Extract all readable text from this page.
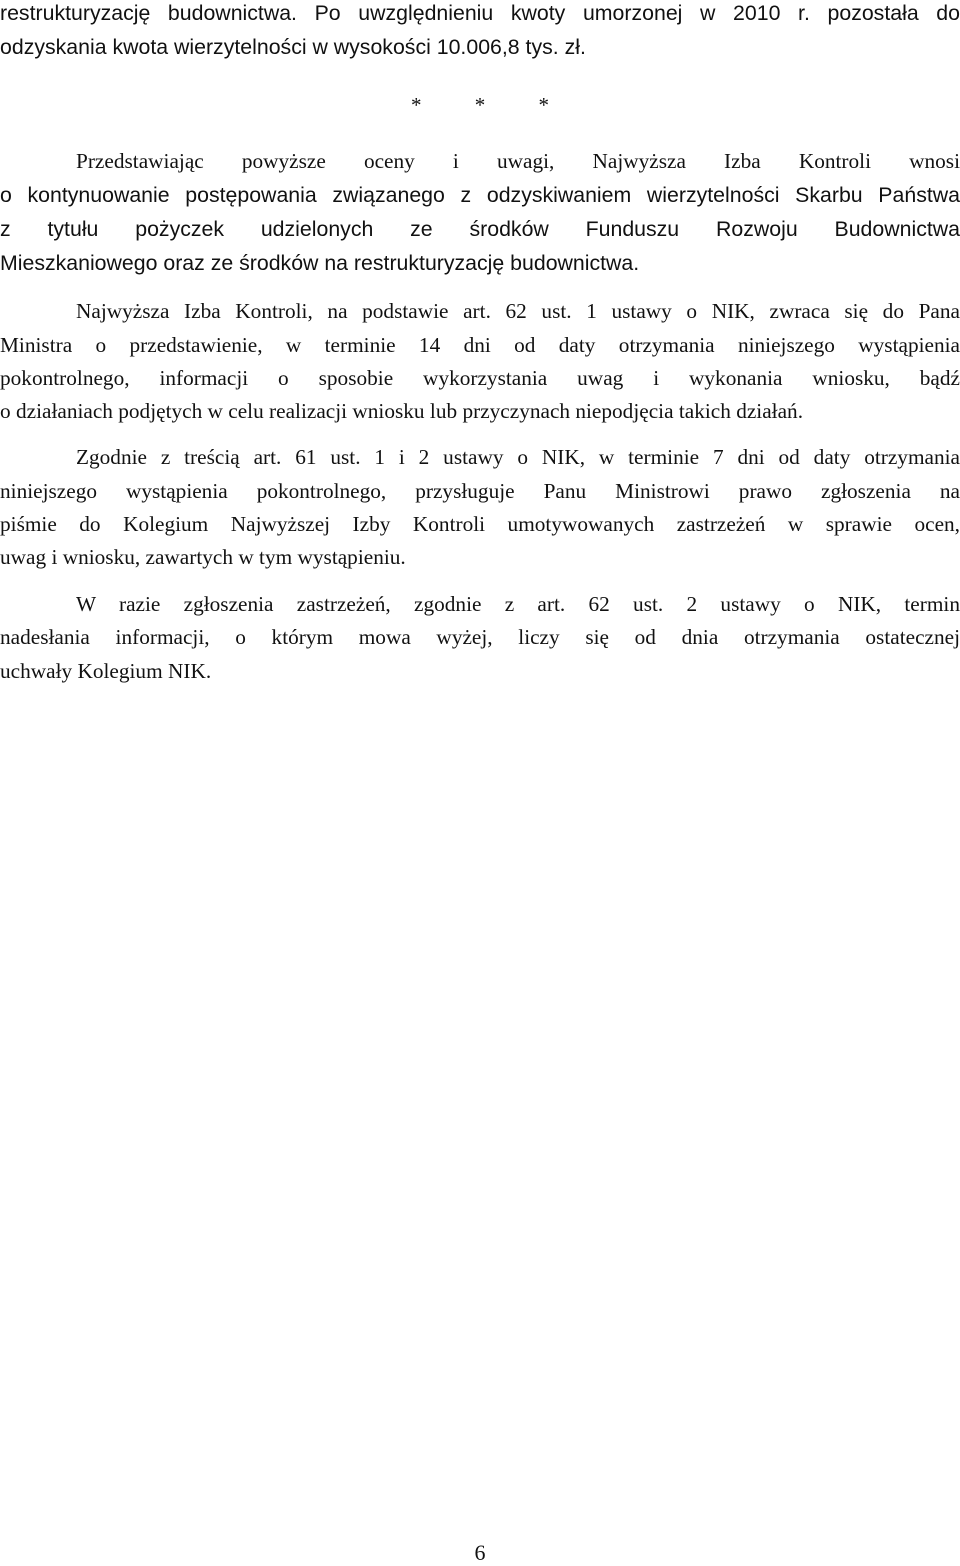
restrukturyzację budownictwa. Po uwzględnieniu kwoty umorzonej w 2010 r. pozostała do
odzyskania kwota wierzytelności w wysokości 10.006,8 tys. zł.
* * *
Przedstawiając powyższe oceny i uwagi, Najwyższa Izba Kontroli wnosi
o kontynuowanie postępowania związanego z odzyskiwaniem wierzytelności Skarbu Państwa
z tytułu pożyczek udzielonych ze środków Funduszu Rozwoju Budownictwa
Mieszkaniowego oraz ze środków na restrukturyzację budownictwa.
Najwyższa Izba Kontroli, na podstawie art. 62 ust. 1 ustawy o NIK, zwraca się do Pana
Ministra o przedstawienie, w terminie 14 dni od daty otrzymania niniejszego wystąpienia
pokontrolnego, informacji o sposobie wykorzystania uwag i wykonania wniosku, bądź
o działaniach podjętych w celu realizacji wniosku lub przyczynach niepodjęcia takich działań.
Zgodnie z treścią art. 61 ust. 1 i 2 ustawy o NIK, w terminie 7 dni od daty otrzymania
niniejszego wystąpienia pokontrolnego, przysługuje Panu Ministrowi prawo zgłoszenia na
piśmie do Kolegium Najwyższej Izby Kontroli umotywowanych zastrzeżeń w sprawie ocen,
uwag i wniosku, zawartych w tym wystąpieniu.
W razie zgłoszenia zastrzeżeń, zgodnie z art. 62 ust. 2 ustawy o NIK, termin
nadesłania informacji, o którym mowa wyżej, liczy się od dnia otrzymania ostatecznej
uchwały Kolegium NIK.
6
